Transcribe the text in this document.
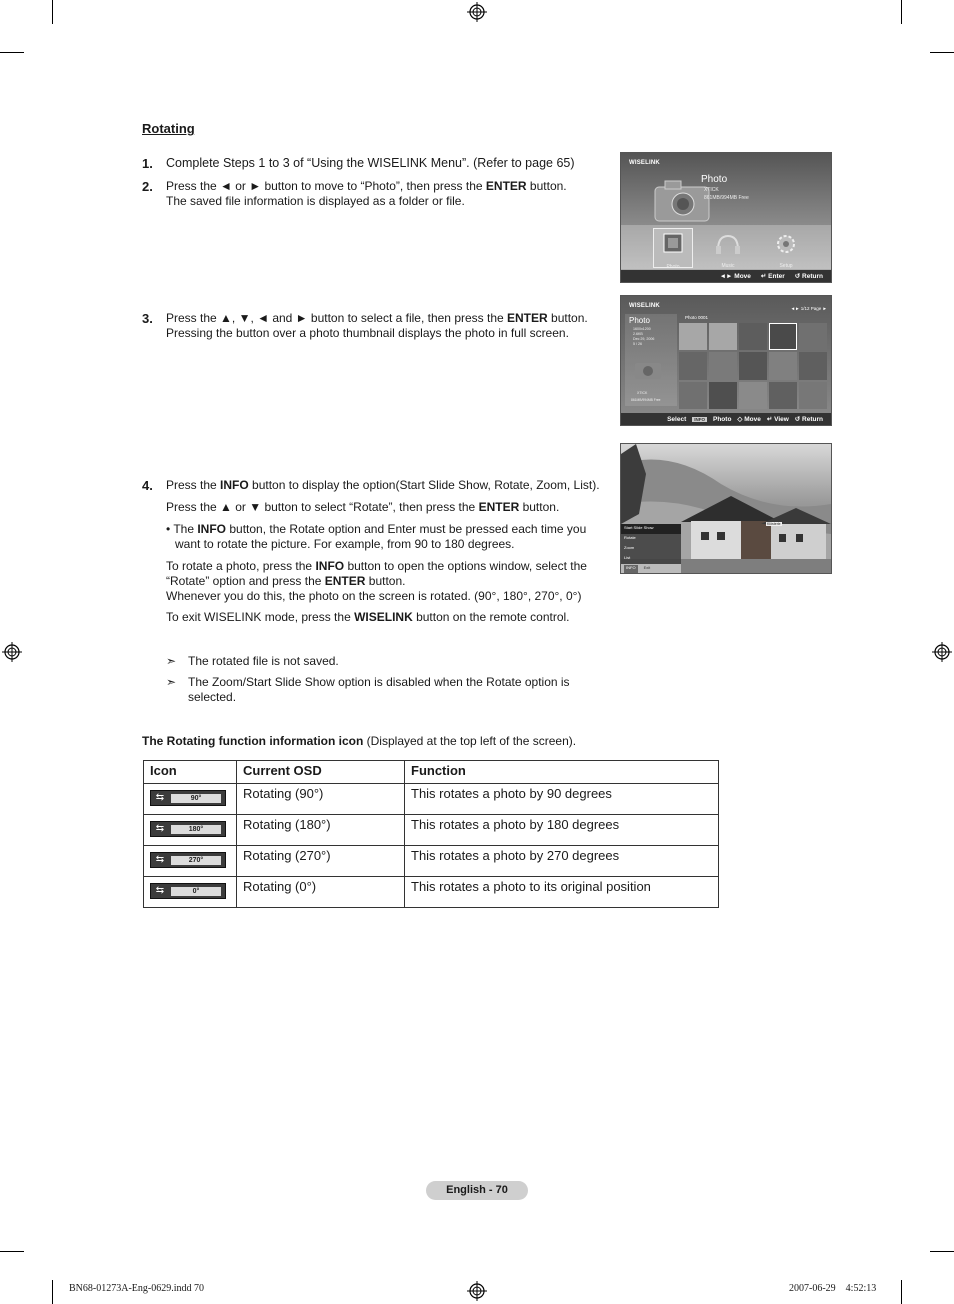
Rotating
1. Complete Steps 1 to 3 of “Using the WISELINK Menu”. (Refer to page 65)
2. Press the ◄ or ► button to move to “Photo”, then press the ENTER button.
The saved file information is displayed as a folder or file.
3. Press the ▲, ▼, ◄ and ► button to select a file, then press the ENTER button.
Pressing the button over a photo thumbnail displays the photo in full screen.
4. Press the INFO button to display the option(Start Slide Show, Rotate, Zoom, List).
Press the ▲ or ▼ button to select “Rotate”, then press the ENTER button.
• The INFO button, the Rotate option and Enter must be pressed each time you
want to rotate the picture. For example, from 90 to 180 degrees.
To rotate a photo, press the INFO button to open the options window, select the
“Rotate” option and press the ENTER button.
Whenever you do this, the photo on the screen is rotated. (90°, 180°, 270°, 0°)
To exit WISELINK mode, press the WISELINK button on the remote control.
➣ The rotated file is not saved.
➣ The Zoom/Start Slide Show option is disabled when the Rotate option is
selected.
WISELINK
Photo
XTICK
861MB/994MB Free
Photo	Music	Setup
◄► Move ↵ Enter ↺ Return
WISELINK	◄► 1/12 Page ►
Photo
1600x1200
2.6KB
Dec 29, 2006
5 / 26
XTICK
861MB/994MB Free
Photo 0001
Select	INFO	Photo ◇ Move ↵ View ↺ Return
Klösterle
Start Slide Show
Rotate
Zoom
List
INFO	Exit
The Rotating function information icon (Displayed at the top left of the screen).
Icon	Current OSD	Function

⇆ 90°	Rotating (90°)	This rotates a photo by 90 degrees

⇆ 180°	Rotating (180°)	This rotates a photo by 180 degrees

⇆ 270°	Rotating (270°)	This rotates a photo by 270 degrees

⇆ 0°	Rotating (0°)	This rotates a photo to its original position
English - 70
BN68-01273A-Eng-0629.indd 70	2007-06-29    4:52:13
